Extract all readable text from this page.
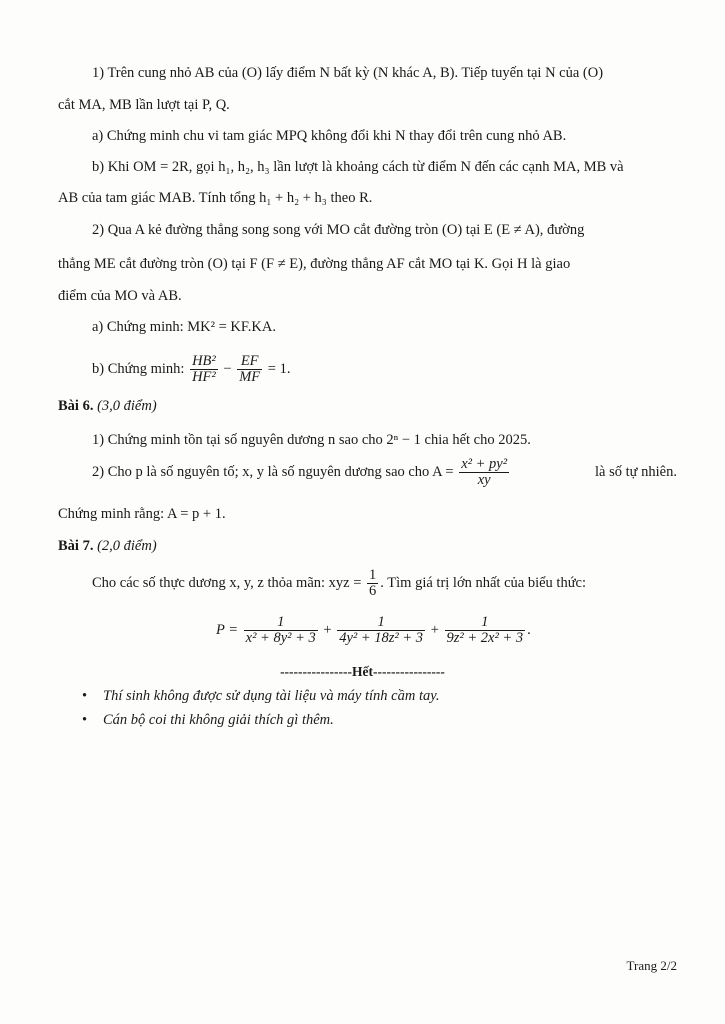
1) Trên cung nhỏ AB của (O) lấy điểm N bất kỳ (N khác A, B). Tiếp tuyến tại N của (O)
cắt MA, MB lần lượt tại P, Q.
a) Chứng minh chu vi tam giác MPQ không đổi khi N thay đổi trên cung nhỏ AB.
b) Khi OM = 2R, gọi h₁, h₂, h₃ lần lượt là khoảng cách từ điểm N đến các cạnh MA, MB và
AB của tam giác MAB. Tính tổng h₁ + h₂ + h₃ theo R.
2) Qua A kẻ đường thẳng song song với MO cắt đường tròn (O) tại E (E ≠ A), đường
thẳng ME cắt đường tròn (O) tại F (F ≠ E), đường thẳng AF cắt MO tại K. Gọi H là giao
điểm của MO và AB.
a) Chứng minh: MK² = KF.KA.
b) Chứng minh: $\frac{\text{HB²}}{\text{HF²}} - \frac{EF}{MF} = 1$.
Bài 6. (3,0 điểm)
1) Chứng minh tồn tại số nguyên dương n sao cho 2ⁿ − 1 chia hết cho 2025.
2) Cho p là số nguyên tố; x, y là số nguyên dương sao cho $A = \frac{\text{x² + py²}}{xy}$	là số tự nhiên.
Chứng minh rằng: A = p + 1.
Bài 7. (2,0 điểm)
Cho các số thực dương x, y, z thỏa mãn: xyz = $\frac{1}{6}$ . Tìm giá trị lớn nhất của biểu thức:
$P = \frac{1}{\text{x² + 8y² + 3}} + \frac{1}{\text{4y² + 18z² + 3}} + \frac{1}{\text{9z² + 2x² + 3}}$ .
----------------Hết----------------
• Thí sinh không được sử dụng tài liệu và máy tính cầm tay.
• Cán bộ coi thi không giải thích gì thêm.
Trang 2/2
